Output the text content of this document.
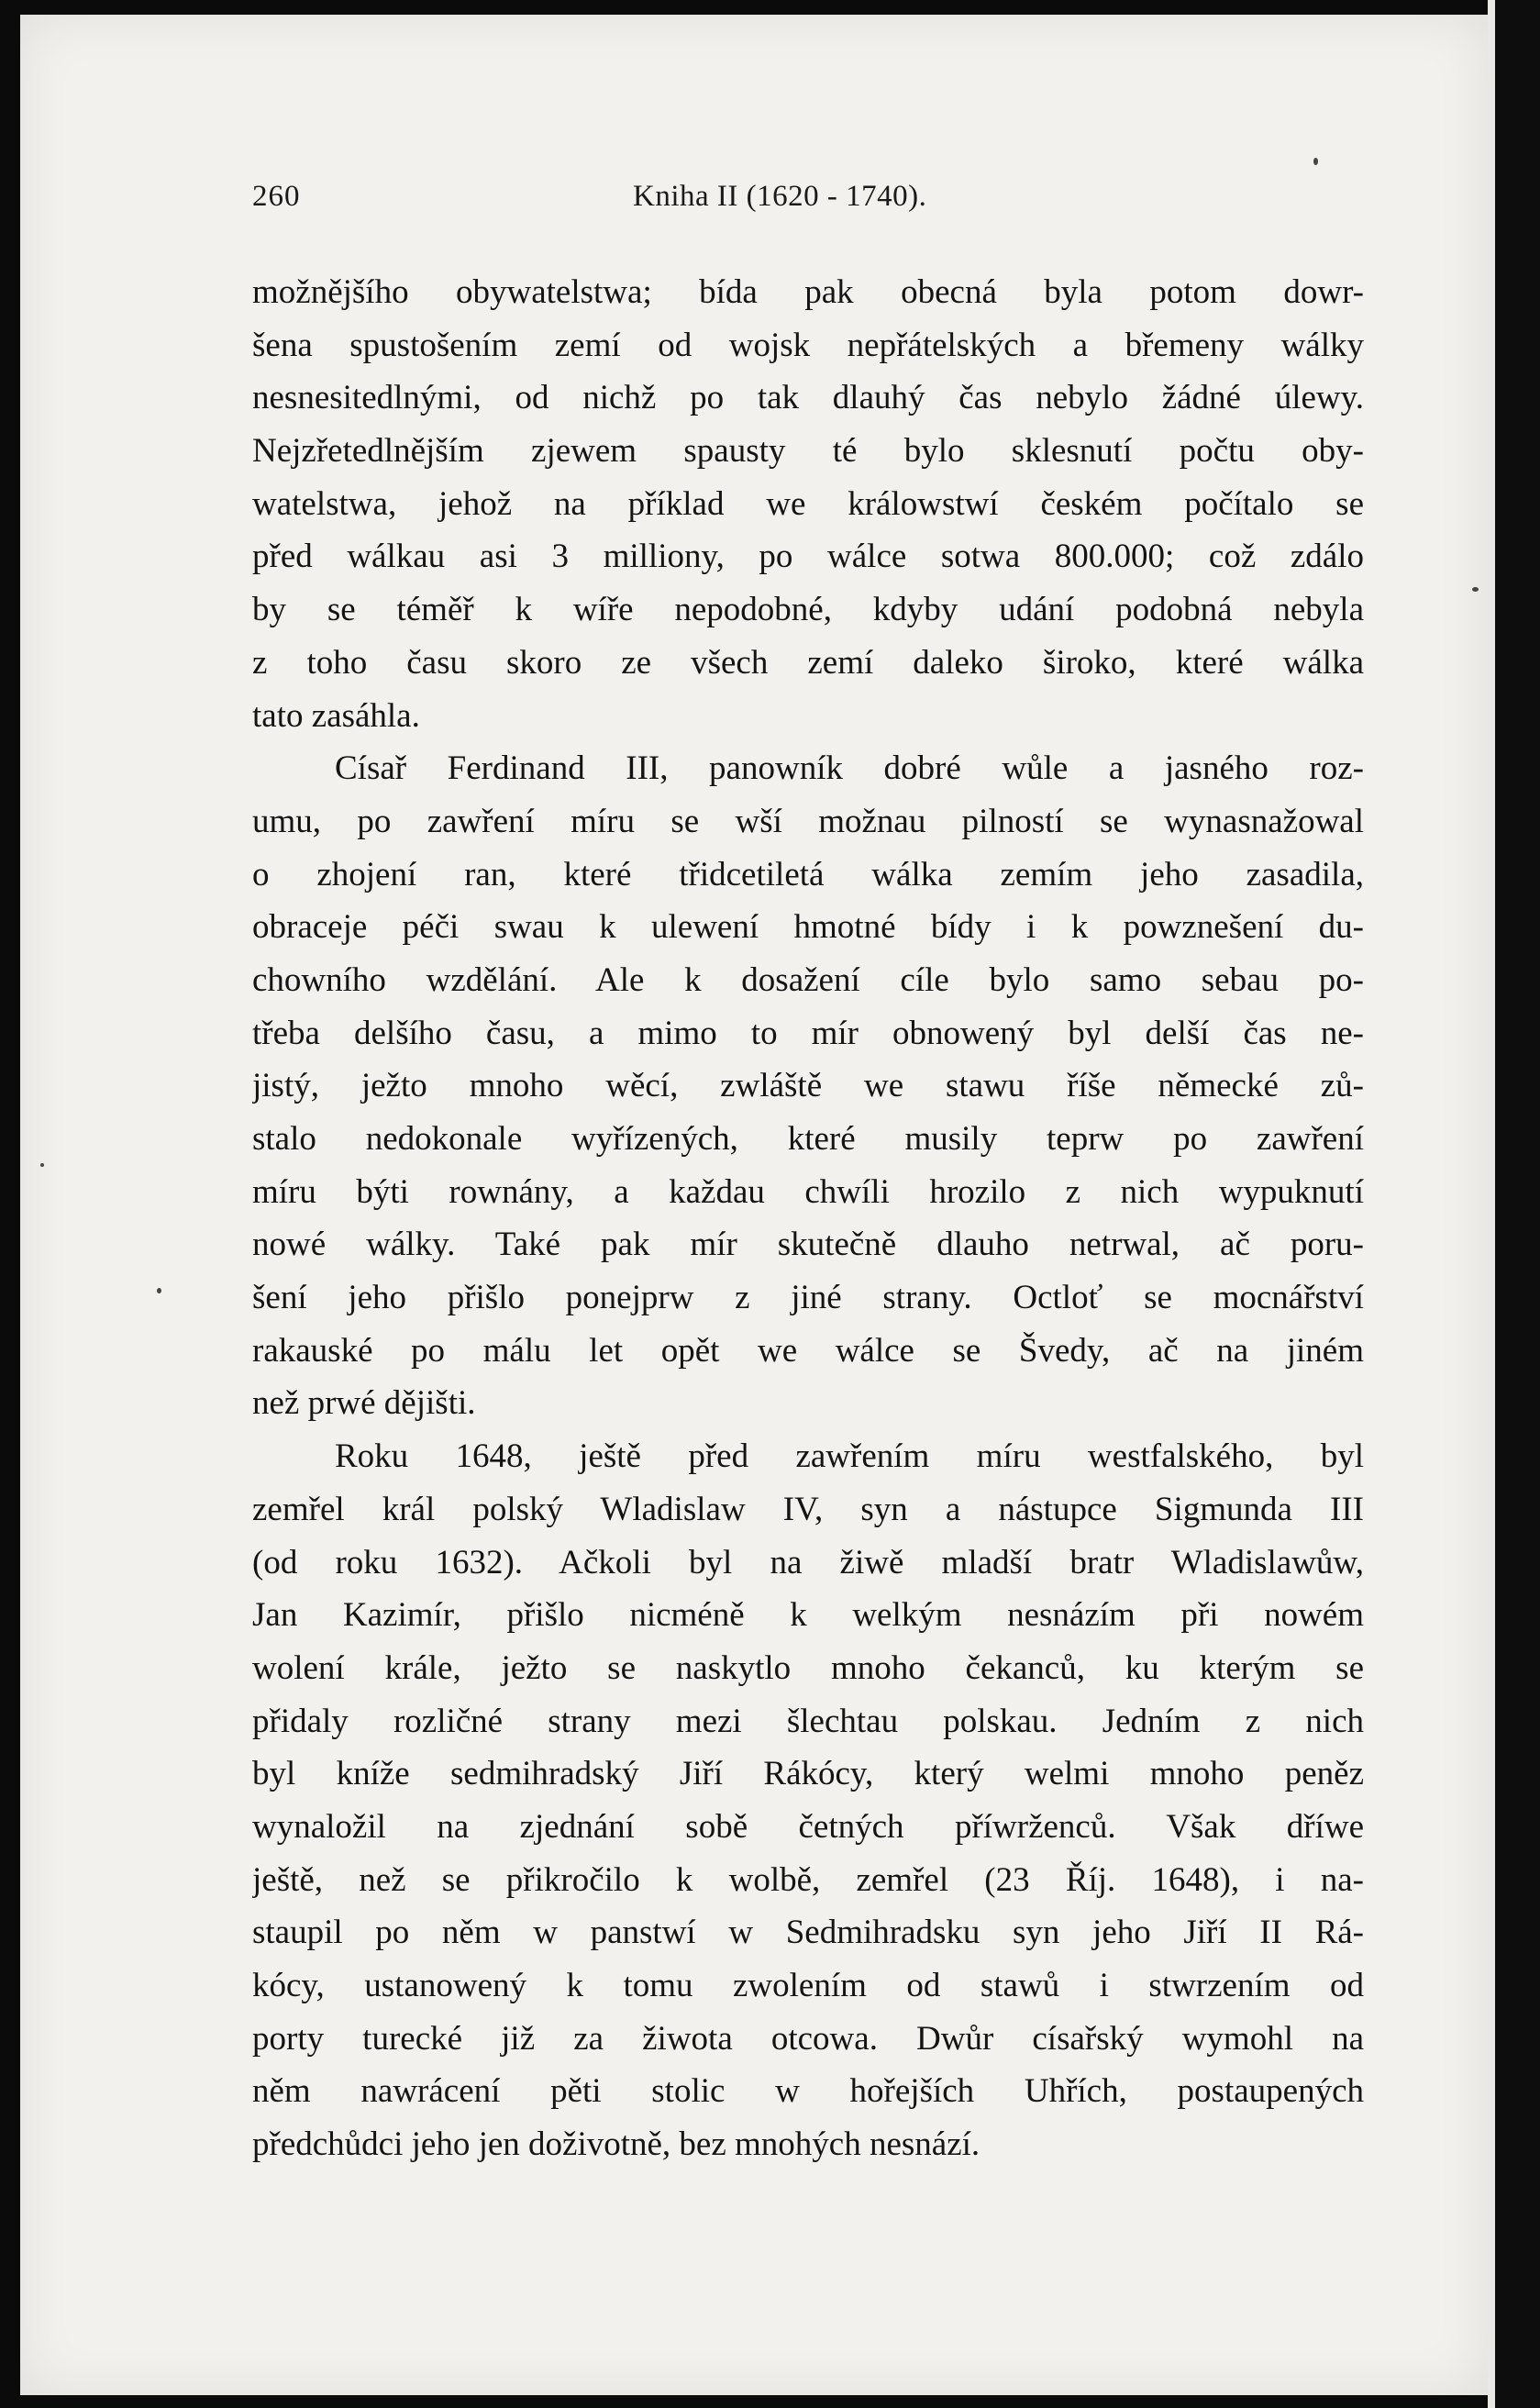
260	Kniha II (1620 - 1740).
možnějšího obywatelstwa; bída pak obecná byla potom dowr-
šena spustošením zemí od wojsk nepřátelských a břemeny wálky
nesnesitedlnými, od nichž po tak dlauhý čas nebylo žádné úlewy.
Nejzřetedlnějším zjewem spausty té bylo sklesnutí počtu oby-
watelstwa, jehož na příklad we králowstwí českém počítalo se
před wálkau asi 3 milliony, po wálce sotwa 800.000; což zdálo
by se téměř k wíře nepodobné, kdyby udání podobná nebyla
z toho času skoro ze všech zemí daleko široko, které wálka
tato zasáhla.
Císař Ferdinand III, panowník dobré wůle a jasného roz-
umu, po zawření míru se wší možnau pilností se wynasnažowal
o zhojení ran, které třidcetiletá wálka zemím jeho zasadila,
obraceje péči swau k ulewení hmotné bídy i k powznešení du-
chowního wzdělání. Ale k dosažení cíle bylo samo sebau po-
třeba delšího času, a mimo to mír obnowený byl delší čas ne-
jistý, ježto mnoho wěcí, zwláště we stawu říše německé zů-
stalo nedokonale wyřízených, které musily teprw po zawření
míru býti rownány, a každau chwíli hrozilo z nich wypuknutí
nowé wálky. Také pak mír skutečně dlauho netrwal, ač poru-
šení jeho přišlo ponejprw z jiné strany. Octloť se mocnářství
rakauské po málu let opět we wálce se Švedy, ač na jiném
než prwé dějišti.
Roku 1648, ještě před zawřením míru westfalského, byl
zemřel král polský Wladislaw IV, syn a nástupce Sigmunda III
(od roku 1632). Ačkoli byl na žiwě mladší bratr Wladislawůw,
Jan Kazimír, přišlo nicméně k welkým nesnázím při nowém
wolení krále, ježto se naskytlo mnoho čekanců, ku kterým se
přidaly rozličné strany mezi šlechtau polskau. Jedním z nich
byl kníže sedmihradský Jiří Rákócy, který welmi mnoho peněz
wynaložil na zjednání sobě četných příwrženců. Však dříwe
ještě, než se přikročilo k wolbě, zemřel (23 Říj. 1648), i na-
staupil po něm w panstwí w Sedmihradsku syn jeho Jiří II Rá-
kócy, ustanowený k tomu zwolením od stawů i stwrzením od
porty turecké již za žiwota otcowa. Dwůr císařský wymohl na
něm nawrácení pěti stolic w hořejších Uhřích, postaupených
předchůdci jeho jen doživotně, bez mnohých nesnází.
